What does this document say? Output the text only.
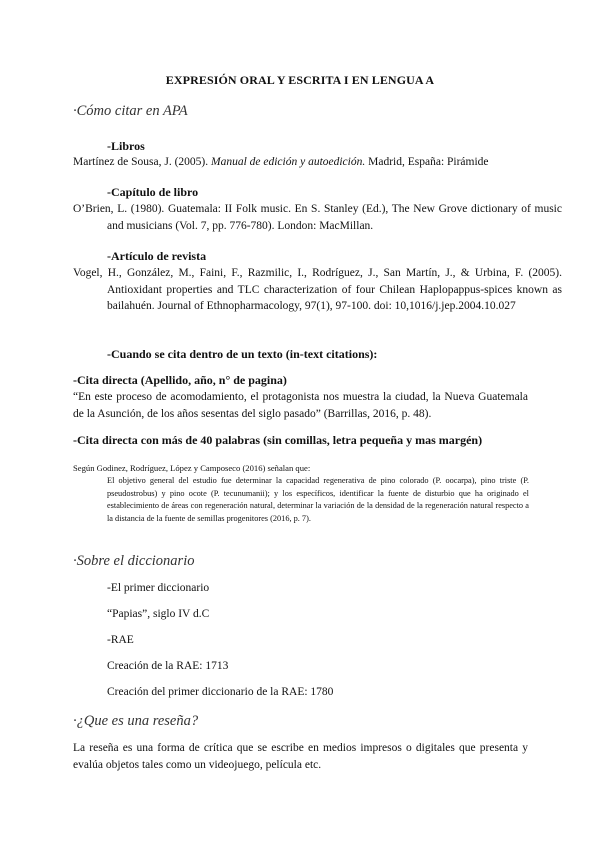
EXPRESIÓN ORAL Y ESCRITA I EN LENGUA A
·Cómo citar en APA
-Libros
Martínez de Sousa, J. (2005). Manual de edición y autoedición. Madrid, España: Pirámide
-Capítulo de libro
O’Brien, L. (1980). Guatemala: II Folk music. En S. Stanley (Ed.), The New Grove dictionary of music and musicians (Vol. 7, pp. 776-780). London: MacMillan.
-Artículo de revista
Vogel, H., González, M., Faini, F., Razmilic, I., Rodríguez, J., San Martín, J., & Urbina, F. (2005). Antioxidant properties and TLC characterization of four Chilean Haplopappus-spices known as bailahuén. Journal of Ethnopharmacology, 97(1), 97-100. doi: 10,1016/j.jep.2004.10.027
-Cuando se cita dentro de un texto (in-text citations):
-Cita directa (Apellido, año, n° de pagina)
“En este proceso de acomodamiento, el protagonista nos muestra la ciudad, la Nueva Guatemala de la Asunción, de los años sesentas del siglo pasado” (Barrillas, 2016, p. 48).
-Cita directa con más de 40 palabras (sin comillas, letra pequeña y mas margén)
Según Godinez, Rodríguez, López y Camposeco (2016) señalan que:
El objetivo general del estudio fue determinar la capacidad regenerativa de pino colorado (P. oocarpa), pino triste (P. pseudostrobus) y pino ocote (P. tecunumanii); y los específicos, identificar la fuente de disturbio que ha originado el establecimiento de áreas con regeneración natural, determinar la variación de la densidad de la regeneración natural respecto a la distancia de la fuente de semillas progenitores (2016, p. 7).
·Sobre el diccionario
-El primer diccionario
“Papias”, siglo IV d.C
-RAE
Creación de la RAE: 1713
Creación del primer diccionario de la RAE: 1780
·¿Que es una reseña?
La reseña es una forma de crítica que se escribe en medios impresos o digitales que presenta y evalúa objetos tales como un videojuego, película etc.
